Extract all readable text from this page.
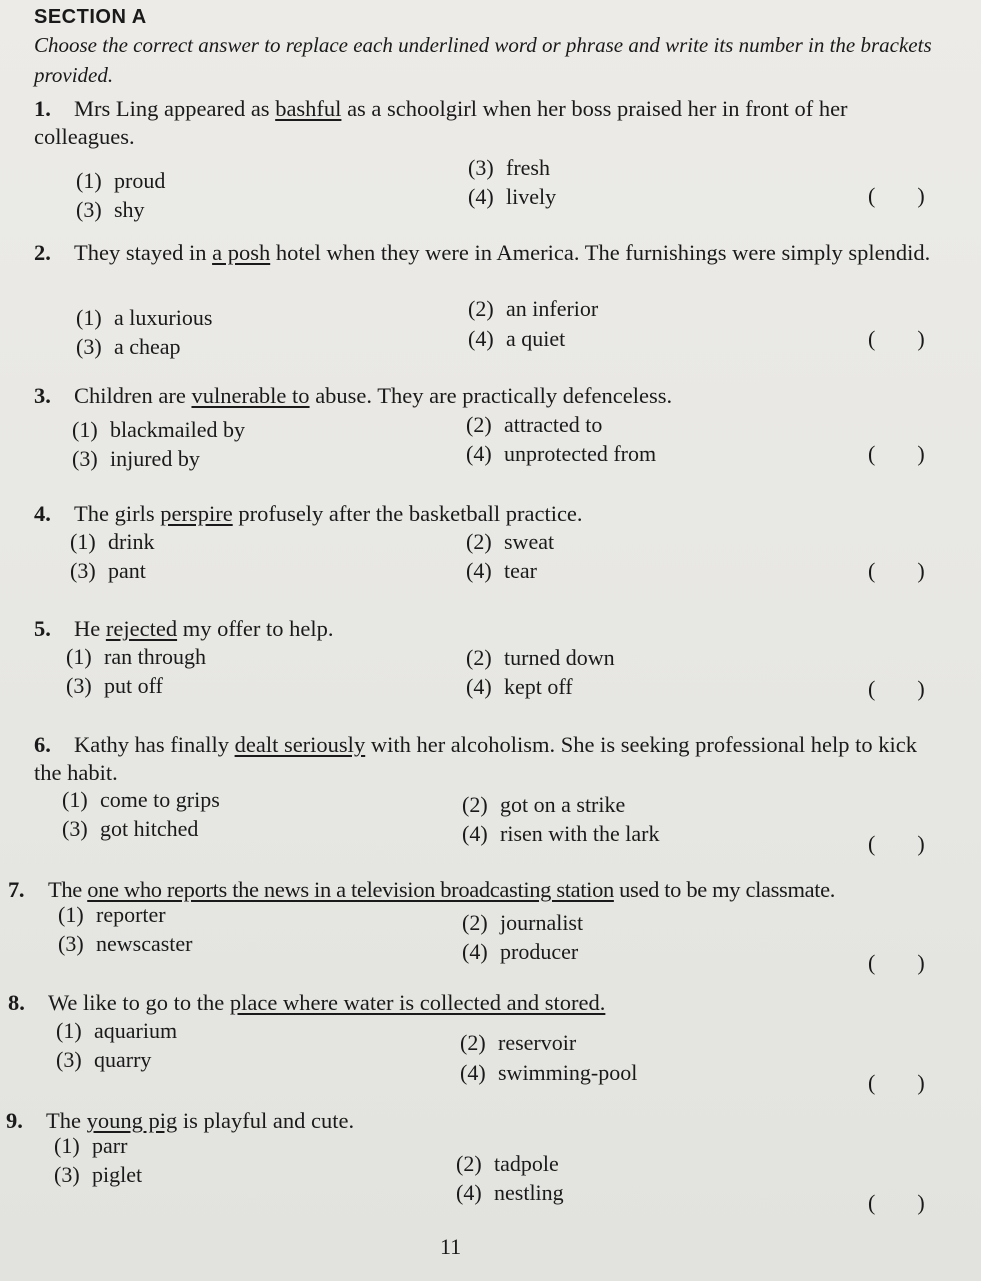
SECTION A
Choose the correct answer to replace each underlined word or phrase and write its number in the brackets provided.
1. Mrs Ling appeared as bashful as a schoolgirl when her boss praised her in front of her colleagues.
(1) proud
(3) fresh
(3) shy
(4) lively	( )
2. They stayed in a posh hotel when they were in America. The furnishings were simply splendid.
(1) a luxurious	(2) an inferior
(3) a cheap	(4) a quiet	( )
3. Children are vulnerable to abuse. They are practically defenceless.
(1) blackmailed by	(2) attracted to
(3) injured by	(4) unprotected from	( )
4. The girls perspire profusely after the basketball practice.
(1) drink	(2) sweat
(3) pant	(4) tear	( )
5. He rejected my offer to help.
(1) ran through	(2) turned down
(3) put off	(4) kept off	( )
6. Kathy has finally dealt seriously with her alcoholism. She is seeking professional help to kick the habit.
(1) come to grips	(2) got on a strike
(3) got hitched	(4) risen with the lark	( )
7. The one who reports the news in a television broadcasting station used to be my classmate.
(1) reporter	(2) journalist
(3) newscaster	(4) producer	( )
8. We like to go to the place where water is collected and stored.
(1) aquarium	(2) reservoir
(3) quarry
(4) swimming-pool	( )
9. The young pig is playful and cute.
(1) parr
(2) tadpole
(3) piglet
(4) nestling	( )
11
